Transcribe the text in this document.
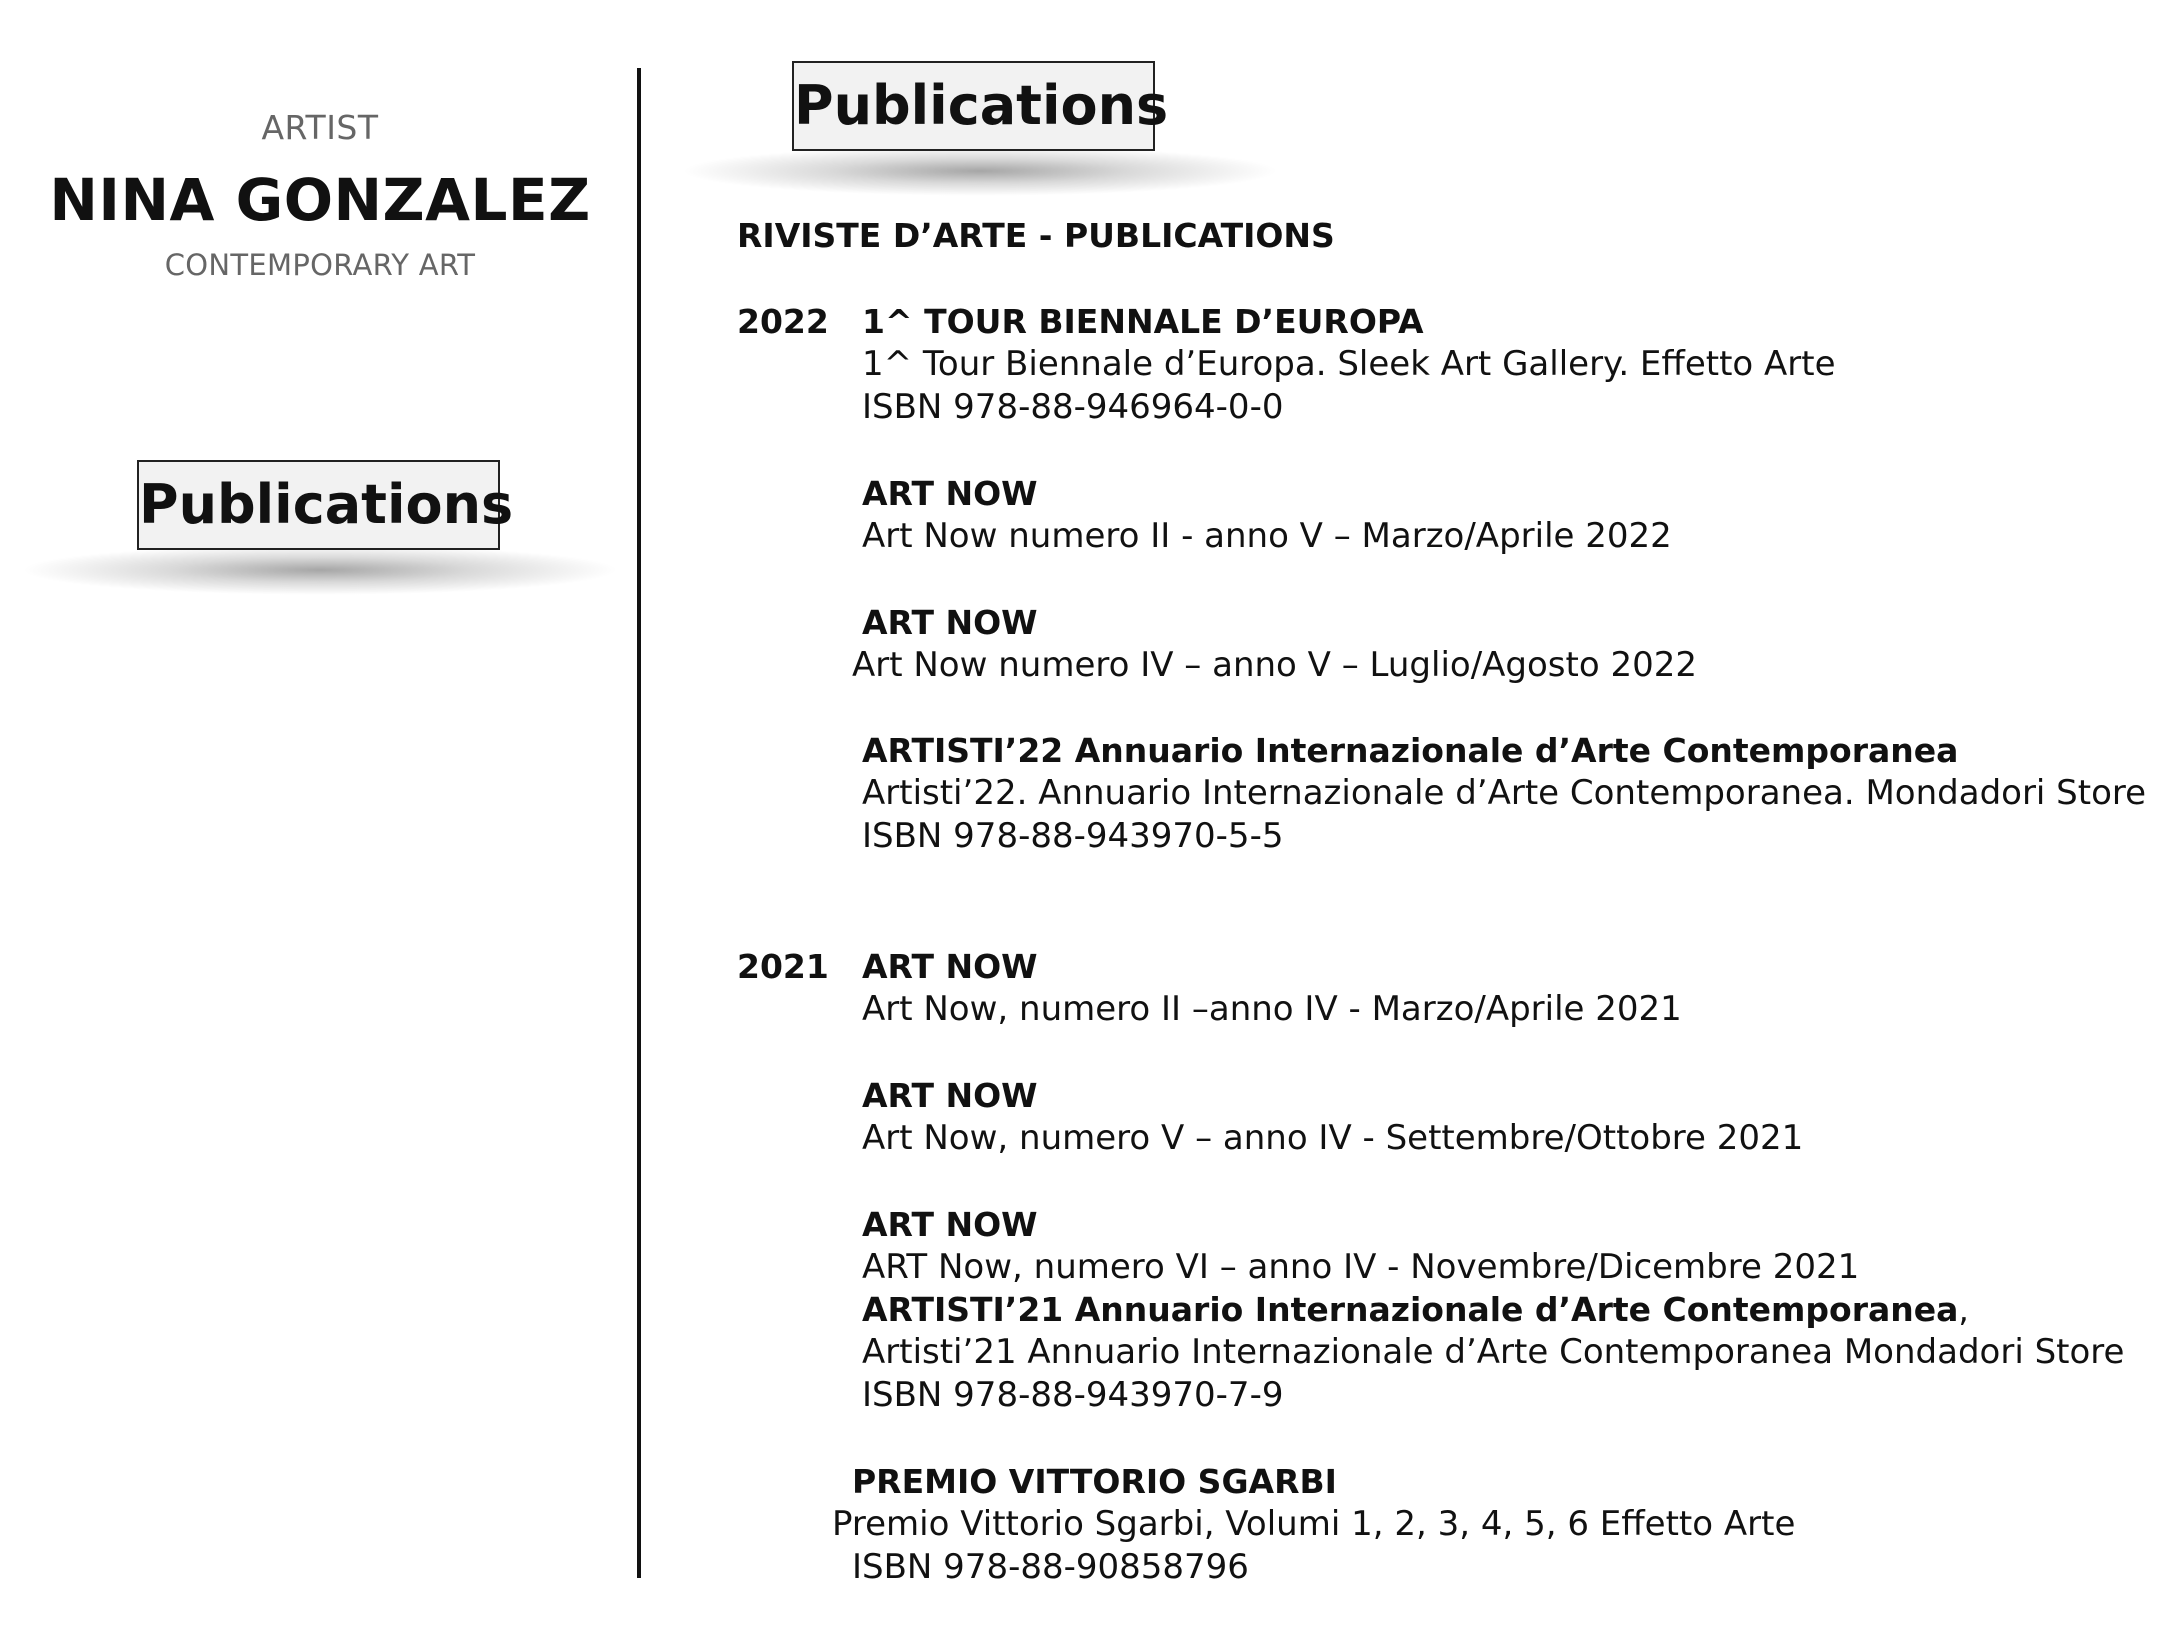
ARTIST
NINA GONZALEZ
CONTEMPORARY ART
Publications
Publications
RIVISTE D’ARTE - PUBLICATIONS
2022 1^ TOUR BIENNALE D’EUROPA
1^ Tour Biennale d’Europa. Sleek Art Gallery. Effetto Arte
ISBN 978-88-946964-0-0
ART NOW
Art Now numero II - anno V – Marzo/Aprile 2022
ART NOW
Art Now numero IV – anno V – Luglio/Agosto 2022
ARTISTI’22 Annuario Internazionale d’Arte Contemporanea
Artisti’22. Annuario Internazionale d’Arte Contemporanea. Mondadori Store
ISBN 978-88-943970-5-5
2021 ART NOW
Art Now, numero II –anno IV - Marzo/Aprile 2021
ART NOW
Art Now, numero V – anno IV - Settembre/Ottobre 2021
ART NOW
ART Now, numero VI – anno IV - Novembre/Dicembre 2021
ARTISTI’21 Annuario Internazionale d’Arte Contemporanea,
Artisti’21 Annuario Internazionale d’Arte Contemporanea Mondadori Store
ISBN 978-88-943970-7-9
PREMIO VITTORIO SGARBI
Premio Vittorio Sgarbi, Volumi 1, 2, 3, 4, 5, 6 Effetto Arte
ISBN 978-88-90858796
